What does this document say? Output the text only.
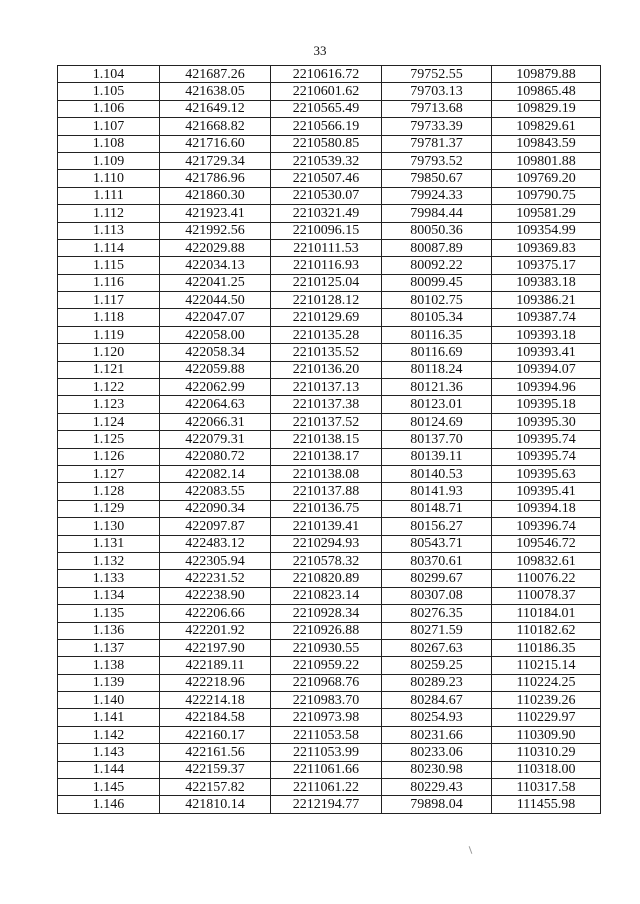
33
1.104	421687.26	2210616.72	79752.55	109879.88
1.105	421638.05	2210601.62	79703.13	109865.48
1.106	421649.12	2210565.49	79713.68	109829.19
1.107	421668.82	2210566.19	79733.39	109829.61
1.108	421716.60	2210580.85	79781.37	109843.59
1.109	421729.34	2210539.32	79793.52	109801.88
1.110	421786.96	2210507.46	79850.67	109769.20
1.111	421860.30	2210530.07	79924.33	109790.75
1.112	421923.41	2210321.49	79984.44	109581.29
1.113	421992.56	2210096.15	80050.36	109354.99
1.114	422029.88	2210111.53	80087.89	109369.83
1.115	422034.13	2210116.93	80092.22	109375.17
1.116	422041.25	2210125.04	80099.45	109383.18
1.117	422044.50	2210128.12	80102.75	109386.21
1.118	422047.07	2210129.69	80105.34	109387.74
1.119	422058.00	2210135.28	80116.35	109393.18
1.120	422058.34	2210135.52	80116.69	109393.41
1.121	422059.88	2210136.20	80118.24	109394.07
1.122	422062.99	2210137.13	80121.36	109394.96
1.123	422064.63	2210137.38	80123.01	109395.18
1.124	422066.31	2210137.52	80124.69	109395.30
1.125	422079.31	2210138.15	80137.70	109395.74
1.126	422080.72	2210138.17	80139.11	109395.74
1.127	422082.14	2210138.08	80140.53	109395.63
1.128	422083.55	2210137.88	80141.93	109395.41
1.129	422090.34	2210136.75	80148.71	109394.18
1.130	422097.87	2210139.41	80156.27	109396.74
1.131	422483.12	2210294.93	80543.71	109546.72
1.132	422305.94	2210578.32	80370.61	109832.61
1.133	422231.52	2210820.89	80299.67	110076.22
1.134	422238.90	2210823.14	80307.08	110078.37
1.135	422206.66	2210928.34	80276.35	110184.01
1.136	422201.92	2210926.88	80271.59	110182.62
1.137	422197.90	2210930.55	80267.63	110186.35
1.138	422189.11	2210959.22	80259.25	110215.14
1.139	422218.96	2210968.76	80289.23	110224.25
1.140	422214.18	2210983.70	80284.67	110239.26
1.141	422184.58	2210973.98	80254.93	110229.97
1.142	422160.17	2211053.58	80231.66	110309.90
1.143	422161.56	2211053.99	80233.06	110310.29
1.144	422159.37	2211061.66	80230.98	110318.00
1.145	422157.82	2211061.22	80229.43	110317.58
1.146	421810.14	2212194.77	79898.04	111455.98
